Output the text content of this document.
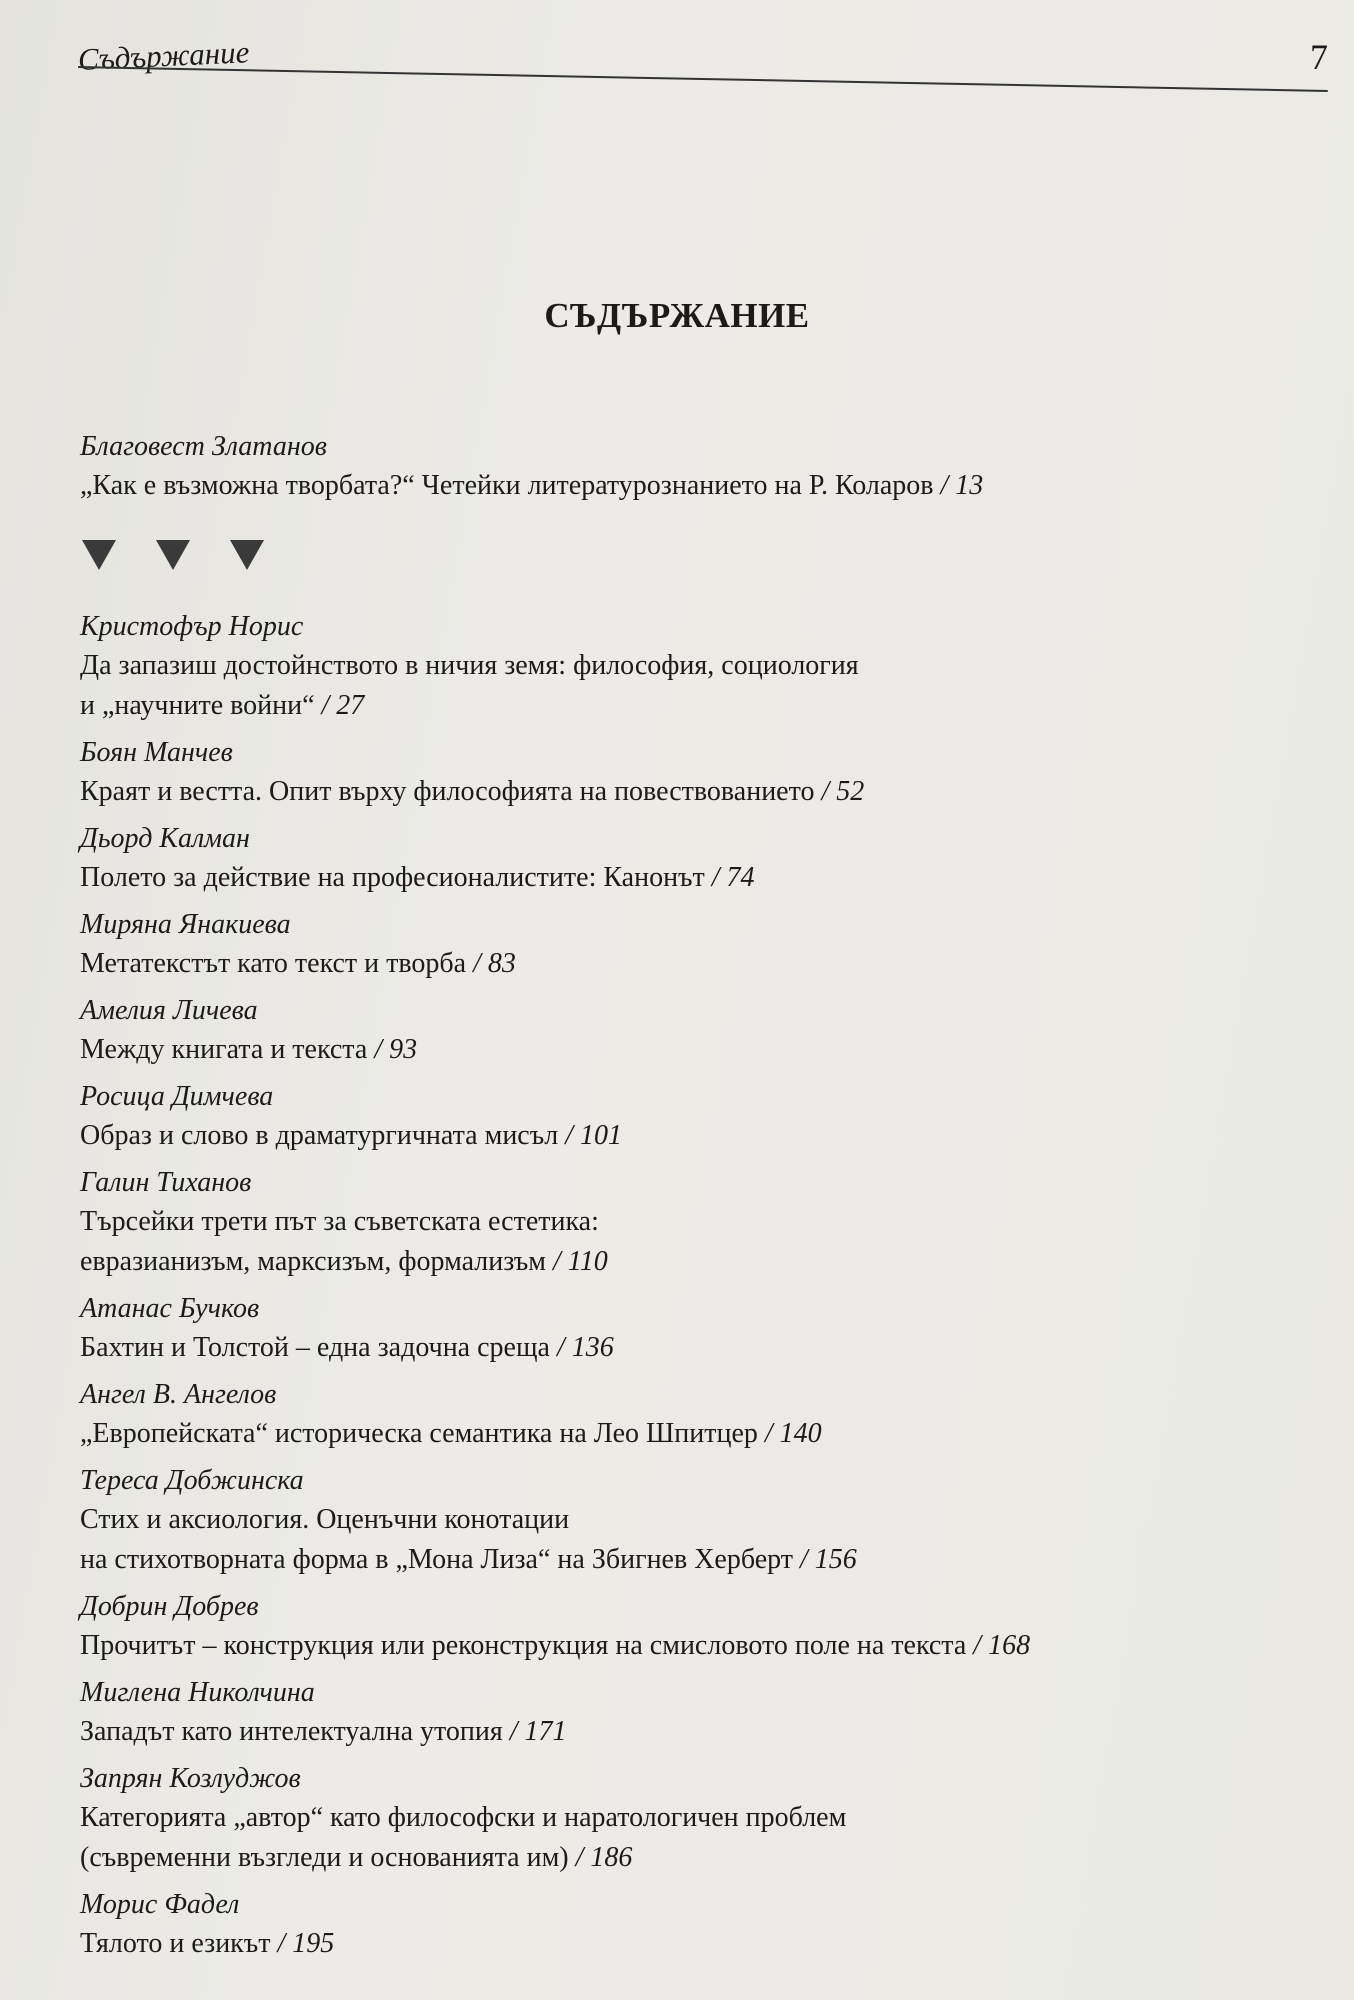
Съдържание	7
СЪДЪРЖАНИЕ
Благовест Златанов
„Как е възможна творбата?“ Четейки литературознанието на Р. Коларов / 13
Кристофър Норис
Да запазиш достойнството в ничия земя: философия, социология
и „научните войни“ / 27
Боян Манчев
Краят и вестта. Опит върху философията на повествованието / 52
Дьорд Калман
Полето за действие на професионалистите: Канонът / 74
Миряна Янакиева
Метатекстът като текст и творба / 83
Амелия Личева
Между книгата и текста / 93
Росица Димчева
Образ и слово в драматургичната мисъл / 101
Галин Тиханов
Търсейки трети път за съветската естетика:
евразианизъм, марксизъм, формализъм / 110
Атанас Бучков
Бахтин и Толстой – една задочна среща / 136
Ангел В. Ангелов
„Европейската“ историческа семантика на Лео Шпитцер / 140
Тереса Добжинска
Стих и аксиология. Оценъчни конотации
на стихотворната форма в „Мона Лиза“ на Збигнев Херберт / 156
Добрин Добрев
Прочитът – конструкция или реконструкция на смисловото поле на текста / 168
Миглена Николчина
Западът като интелектуална утопия / 171
Запрян Козлуджов
Категорията „автор“ като философски и наратологичен проблем
(съвременни възгледи и основанията им) / 186
Морис Фадел
Тялото и езикът / 195
